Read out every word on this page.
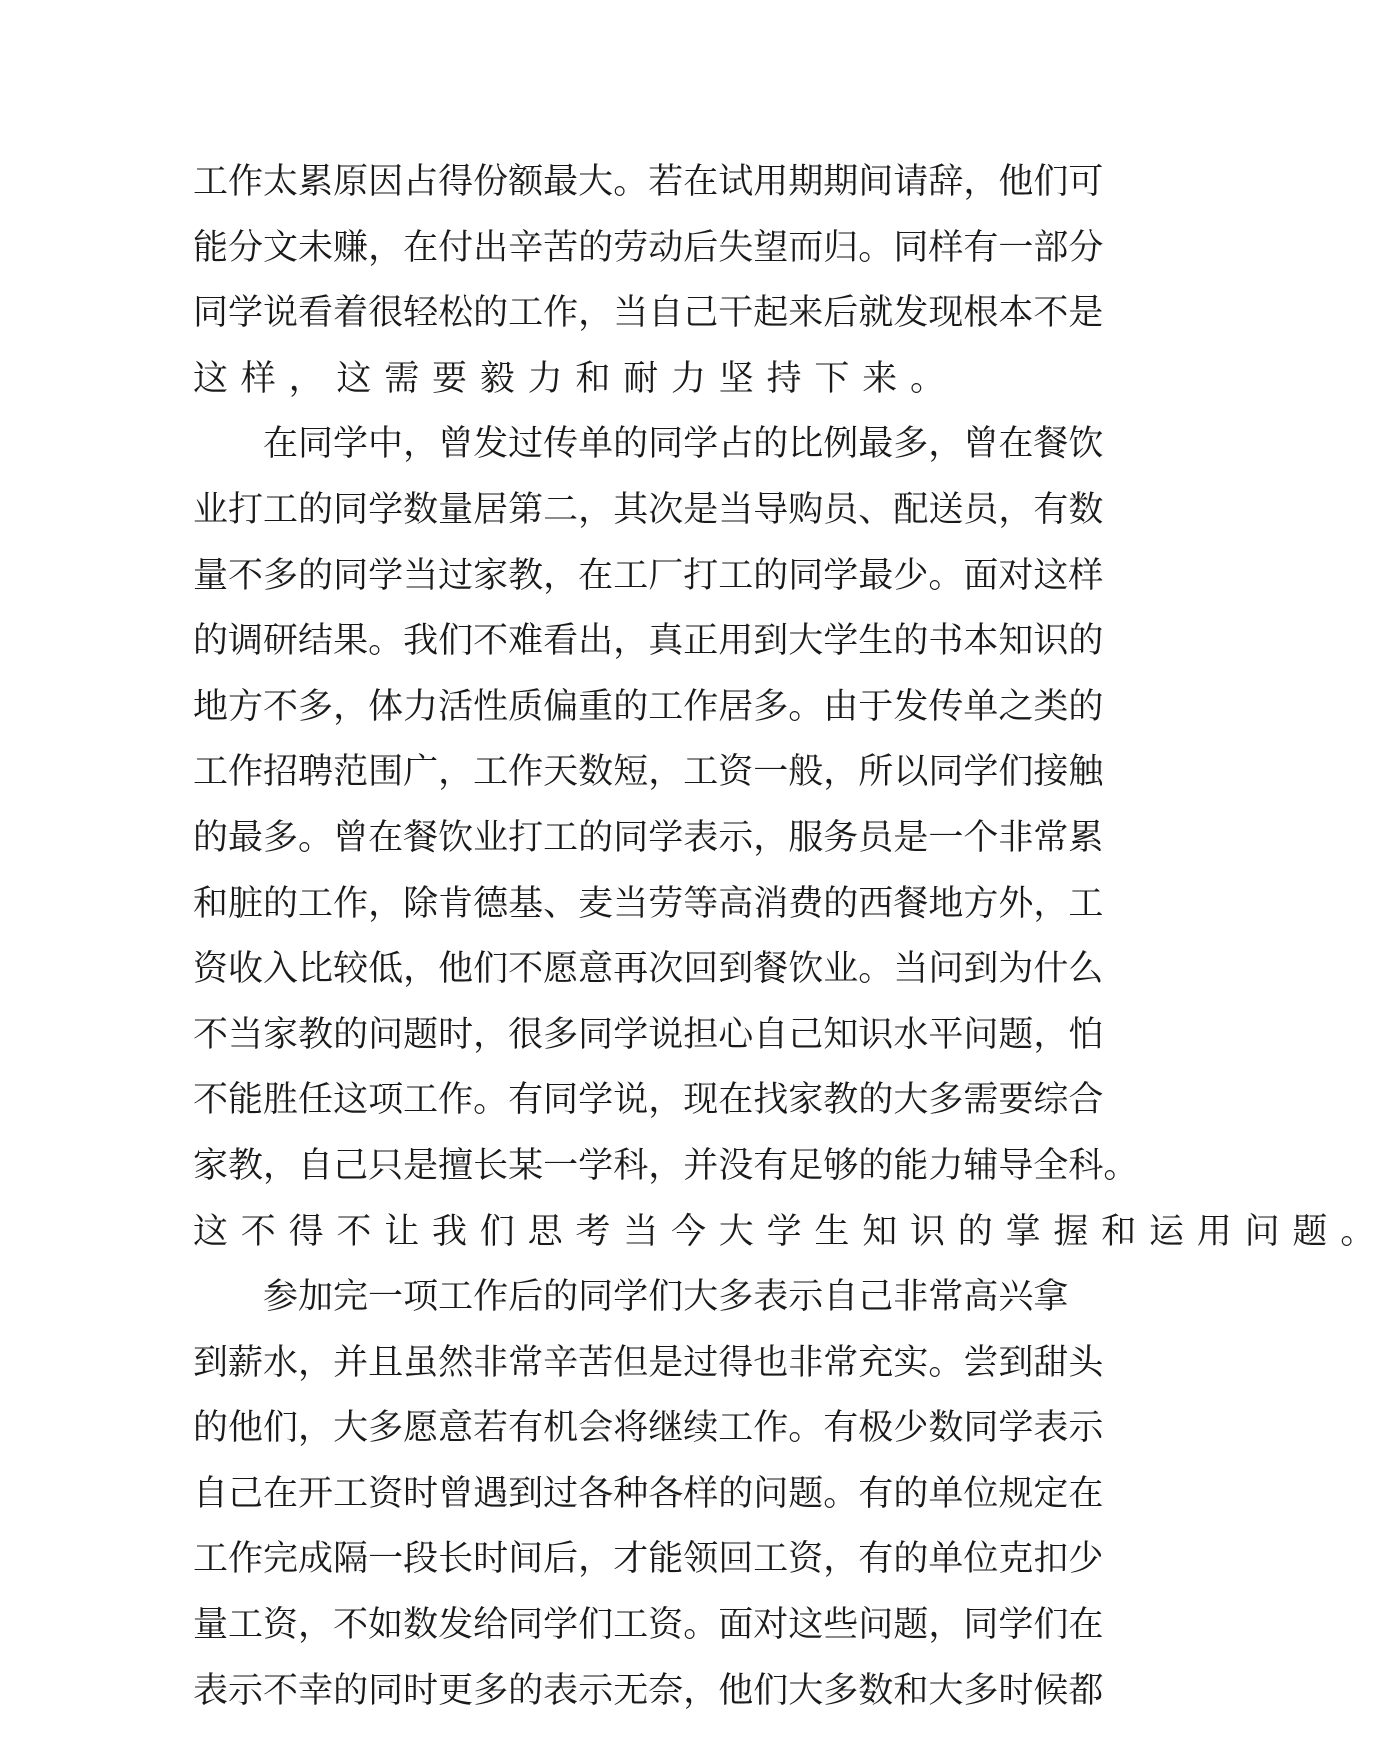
工 作 太 累 原 因 占 得 份 额 最 大 。 若 在 试 用 期 期 间 请 辞 ， 他 们 可
能 分 文 未 赚 ， 在 付 出 辛 苦 的 劳 动 后 失 望 而 归 。 同 样 有 一 部 分
同 学 说 看 着 很 轻 松 的 工 作 ， 当 自 己 干 起 来 后 就 发 现 根 本 不 是
这样，这需要毅力和耐力坚持下来。
在 同 学 中 ， 曾 发 过 传 单 的 同 学 占 的 比 例 最 多 ， 曾 在 餐 饮
业 打 工 的 同 学 数 量 居 第 二 ， 其 次 是 当 导 购 员 、 配 送 员 ， 有 数
量 不 多 的 同 学 当 过 家 教 ， 在 工 厂 打 工 的 同 学 最 少 。 面 对 这 样
的 调 研 结 果 。 我 们 不 难 看 出 ， 真 正 用 到 大 学 生 的 书 本 知 识 的
地 方 不 多 ， 体 力 活 性 质 偏 重 的 工 作 居 多 。 由 于 发 传 单 之 类 的
工 作 招 聘 范 围 广 ， 工 作 天 数 短 ， 工 资 一 般 ， 所 以 同 学 们 接 触
的 最 多 。 曾 在 餐 饮 业 打 工 的 同 学 表 示 ， 服 务 员 是 一 个 非 常 累
和 脏 的 工 作 ， 除 肯 德 基 、 麦 当 劳 等 高 消 费 的 西 餐 地 方 外 ， 工
资 收 入 比 较 低 ， 他 们 不 愿 意 再 次 回 到 餐 饮 业 。 当 问 到 为 什 么
不 当 家 教 的 问 题 时 ， 很 多 同 学 说 担 心 自 己 知 识 水 平 问 题 ， 怕
不 能 胜 任 这 项 工 作 。 有 同 学 说 ， 现 在 找 家 教 的 大 多 需 要 综 合
家 教 ， 自 己 只 是 擅 长 某 一 学 科 ， 并 没 有 足 够 的 能 力 辅 导 全 科 。
这不得不让我们思考当今大学生知识的掌握和运用问题。
参 加 完 一 项 工 作 后 的 同 学 们 大 多 表 示 自 己 非 常 高 兴 拿
到 薪 水 ， 并 且 虽 然 非 常 辛 苦 但 是 过 得 也 非 常 充 实 。 尝 到 甜 头
的 他 们 ， 大 多 愿 意 若 有 机 会 将 继 续 工 作 。 有 极 少 数 同 学 表 示
自 己 在 开 工 资 时 曾 遇 到 过 各 种 各 样 的 问 题 。 有 的 单 位 规 定 在
工 作 完 成 隔 一 段 长 时 间 后 ， 才 能 领 回 工 资 ， 有 的 单 位 克 扣 少
量 工 资 ， 不 如 数 发 给 同 学 们 工 资 。 面 对 这 些 问 题 ， 同 学 们 在
表 示 不 幸 的 同 时 更 多 的 表 示 无 奈 ， 他 们 大 多 数 和 大 多 时 候 都
